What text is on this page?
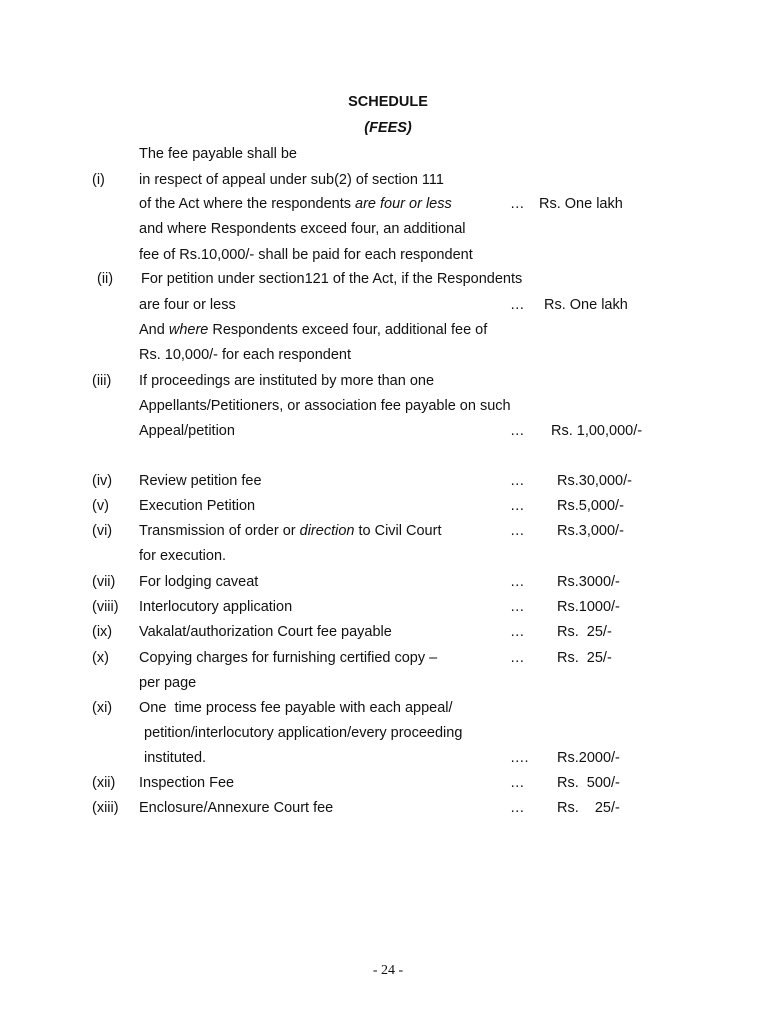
SCHEDULE
(FEES)
The fee payable shall be
(i) in respect of appeal under sub(2) of section 111
of the Act where the respondents are four or less	… Rs. One lakh
and where Respondents exceed four, an additional
fee of Rs.10,000/- shall be paid for each respondent
(ii) For petition under section121 of the Act, if the Respondents
are four or less	… Rs. One lakh
And where Respondents exceed four, additional fee of
Rs. 10,000/- for each respondent
(iii) If proceedings are instituted by more than one
Appellants/Petitioners, or association fee payable on such
Appeal/petition	… Rs. 1,00,000/-
(iv) Review petition fee	… Rs.30,000/-
(v) Execution Petition	… Rs.5,000/-
(vi) Transmission of order or direction to Civil Court	… Rs.3,000/-
for execution.
(vii) For lodging caveat	… Rs.3000/-
(viii) Interlocutory application	… Rs.1000/-
(ix) Vakalat/authorization Court fee payable	… Rs.  25/-
(x) Copying charges for furnishing certified copy –	… Rs.  25/-
per page
(xi) One  time process fee payable with each appeal/
petition/interlocutory application/every proceeding
instituted.	…. Rs.2000/-
(xii) Inspection Fee	… Rs.  500/-
(xiii) Enclosure/Annexure Court fee	… Rs.    25/-
- 24 -
